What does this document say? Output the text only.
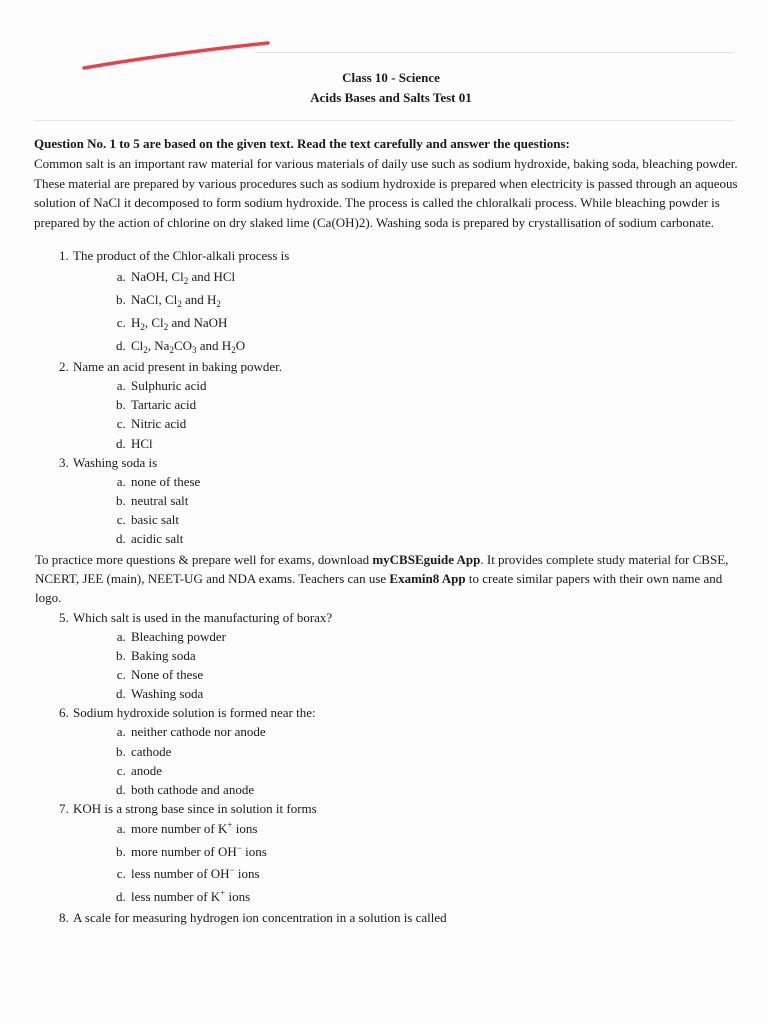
Class 10 - Science
Acids Bases and Salts Test 01

Question No. 1 to 5 are based on the given text. Read the text carefully and answer the questions:

Common salt is an important raw material for various materials of daily use such as sodium hydroxide, baking soda, bleaching powder. These material are prepared by various procedures such as sodium hydroxide is prepared when electricity is passed through an aqueous solution of NaCl it decomposed to form sodium hydroxide. The process is called the chloralkali process. While bleaching powder is prepared by the action of chlorine on dry slaked lime (Ca(OH)2). Washing soda is prepared by crystallisation of sodium carbonate.

1. The product of the Chlor-alkali process is
a. NaOH, $Cl_2$ and HCl
b. NaCl, $Cl_2$ and $H_2$
c. $H_2$, $Cl_2$ and NaOH
d. $Cl_2$, $Na_2CO_3$ and $H_2O$
2. Name an acid present in baking powder.
a. Sulphuric acid
b. Tartaric acid
c. Nitric acid
d. HCl
3. Washing soda is
a. none of these
b. neutral salt
c. basic salt
d. acidic salt
To practice more questions & prepare well for exams, download myCBSEguide App. It provides complete study material for CBSE, NCERT, JEE (main), NEET-UG and NDA exams. Teachers can use Examin8 App to create similar papers with their own name and logo.
5. Which salt is used in the manufacturing of borax?
a. Bleaching powder
b. Baking soda
c. None of these
d. Washing soda
6. Sodium hydroxide solution is formed near the:
a. neither cathode nor anode
b. cathode
c. anode
d. both cathode and anode
7. KOH is a strong base since in solution it forms
a. more number of K+ ions
b. more number of OH− ions
c. less number of OH− ions
d. less number of K+ ions
8. A scale for measuring hydrogen ion concentration in a solution is called
